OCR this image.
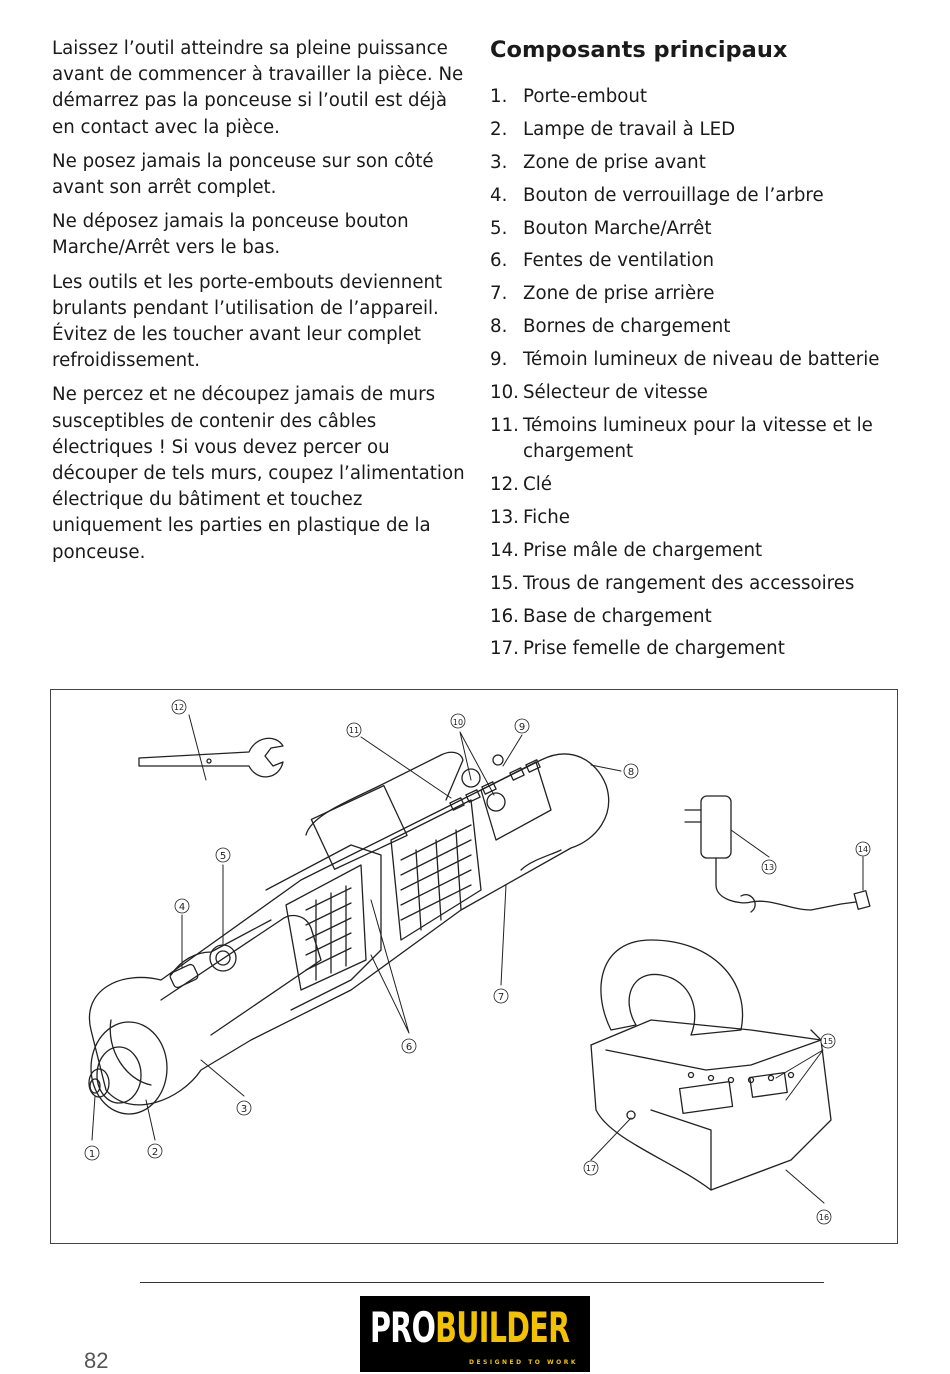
Laissez l’outil atteindre sa pleine puissance avant de commencer à travailler la pièce. Ne démarrez pas la ponceuse si l’outil est déjà en contact avec la pièce.

Ne posez jamais la ponceuse sur son côté avant son arrêt complet.

Ne déposez jamais la ponceuse bouton Marche/Arrêt vers le bas.

Les outils et les porte-embouts deviennent brulants pendant l’utilisation de l’appareil. Évitez de les toucher avant leur complet refroidissement.

Ne percez et ne découpez jamais de murs susceptibles de contenir des câbles électriques ! Si vous devez percer ou découper de tels murs, coupez l’alimentation électrique du bâtiment et touchez uniquement les parties en plastique de la ponceuse.

Composants principaux
1. Porte-embout
2. Lampe de travail à LED
3. Zone de prise avant
4. Bouton de verrouillage de l’arbre
5. Bouton Marche/Arrêt
6. Fentes de ventilation
7. Zone de prise arrière
8. Bornes de chargement
9. Témoin lumineux de niveau de batterie
10. Sélecteur de vitesse
11. Témoins lumineux pour la vitesse et le chargement
12. Clé
13. Fiche
14. Prise mâle de chargement
15. Trous de rangement des accessoires
16. Base de chargement
17. Prise femelle de chargement
1	2
3
4
5
6
7
8
9
10
11
12
13
14
15
16
17
82
PROBUILDER
DESIGNED TO WORK
